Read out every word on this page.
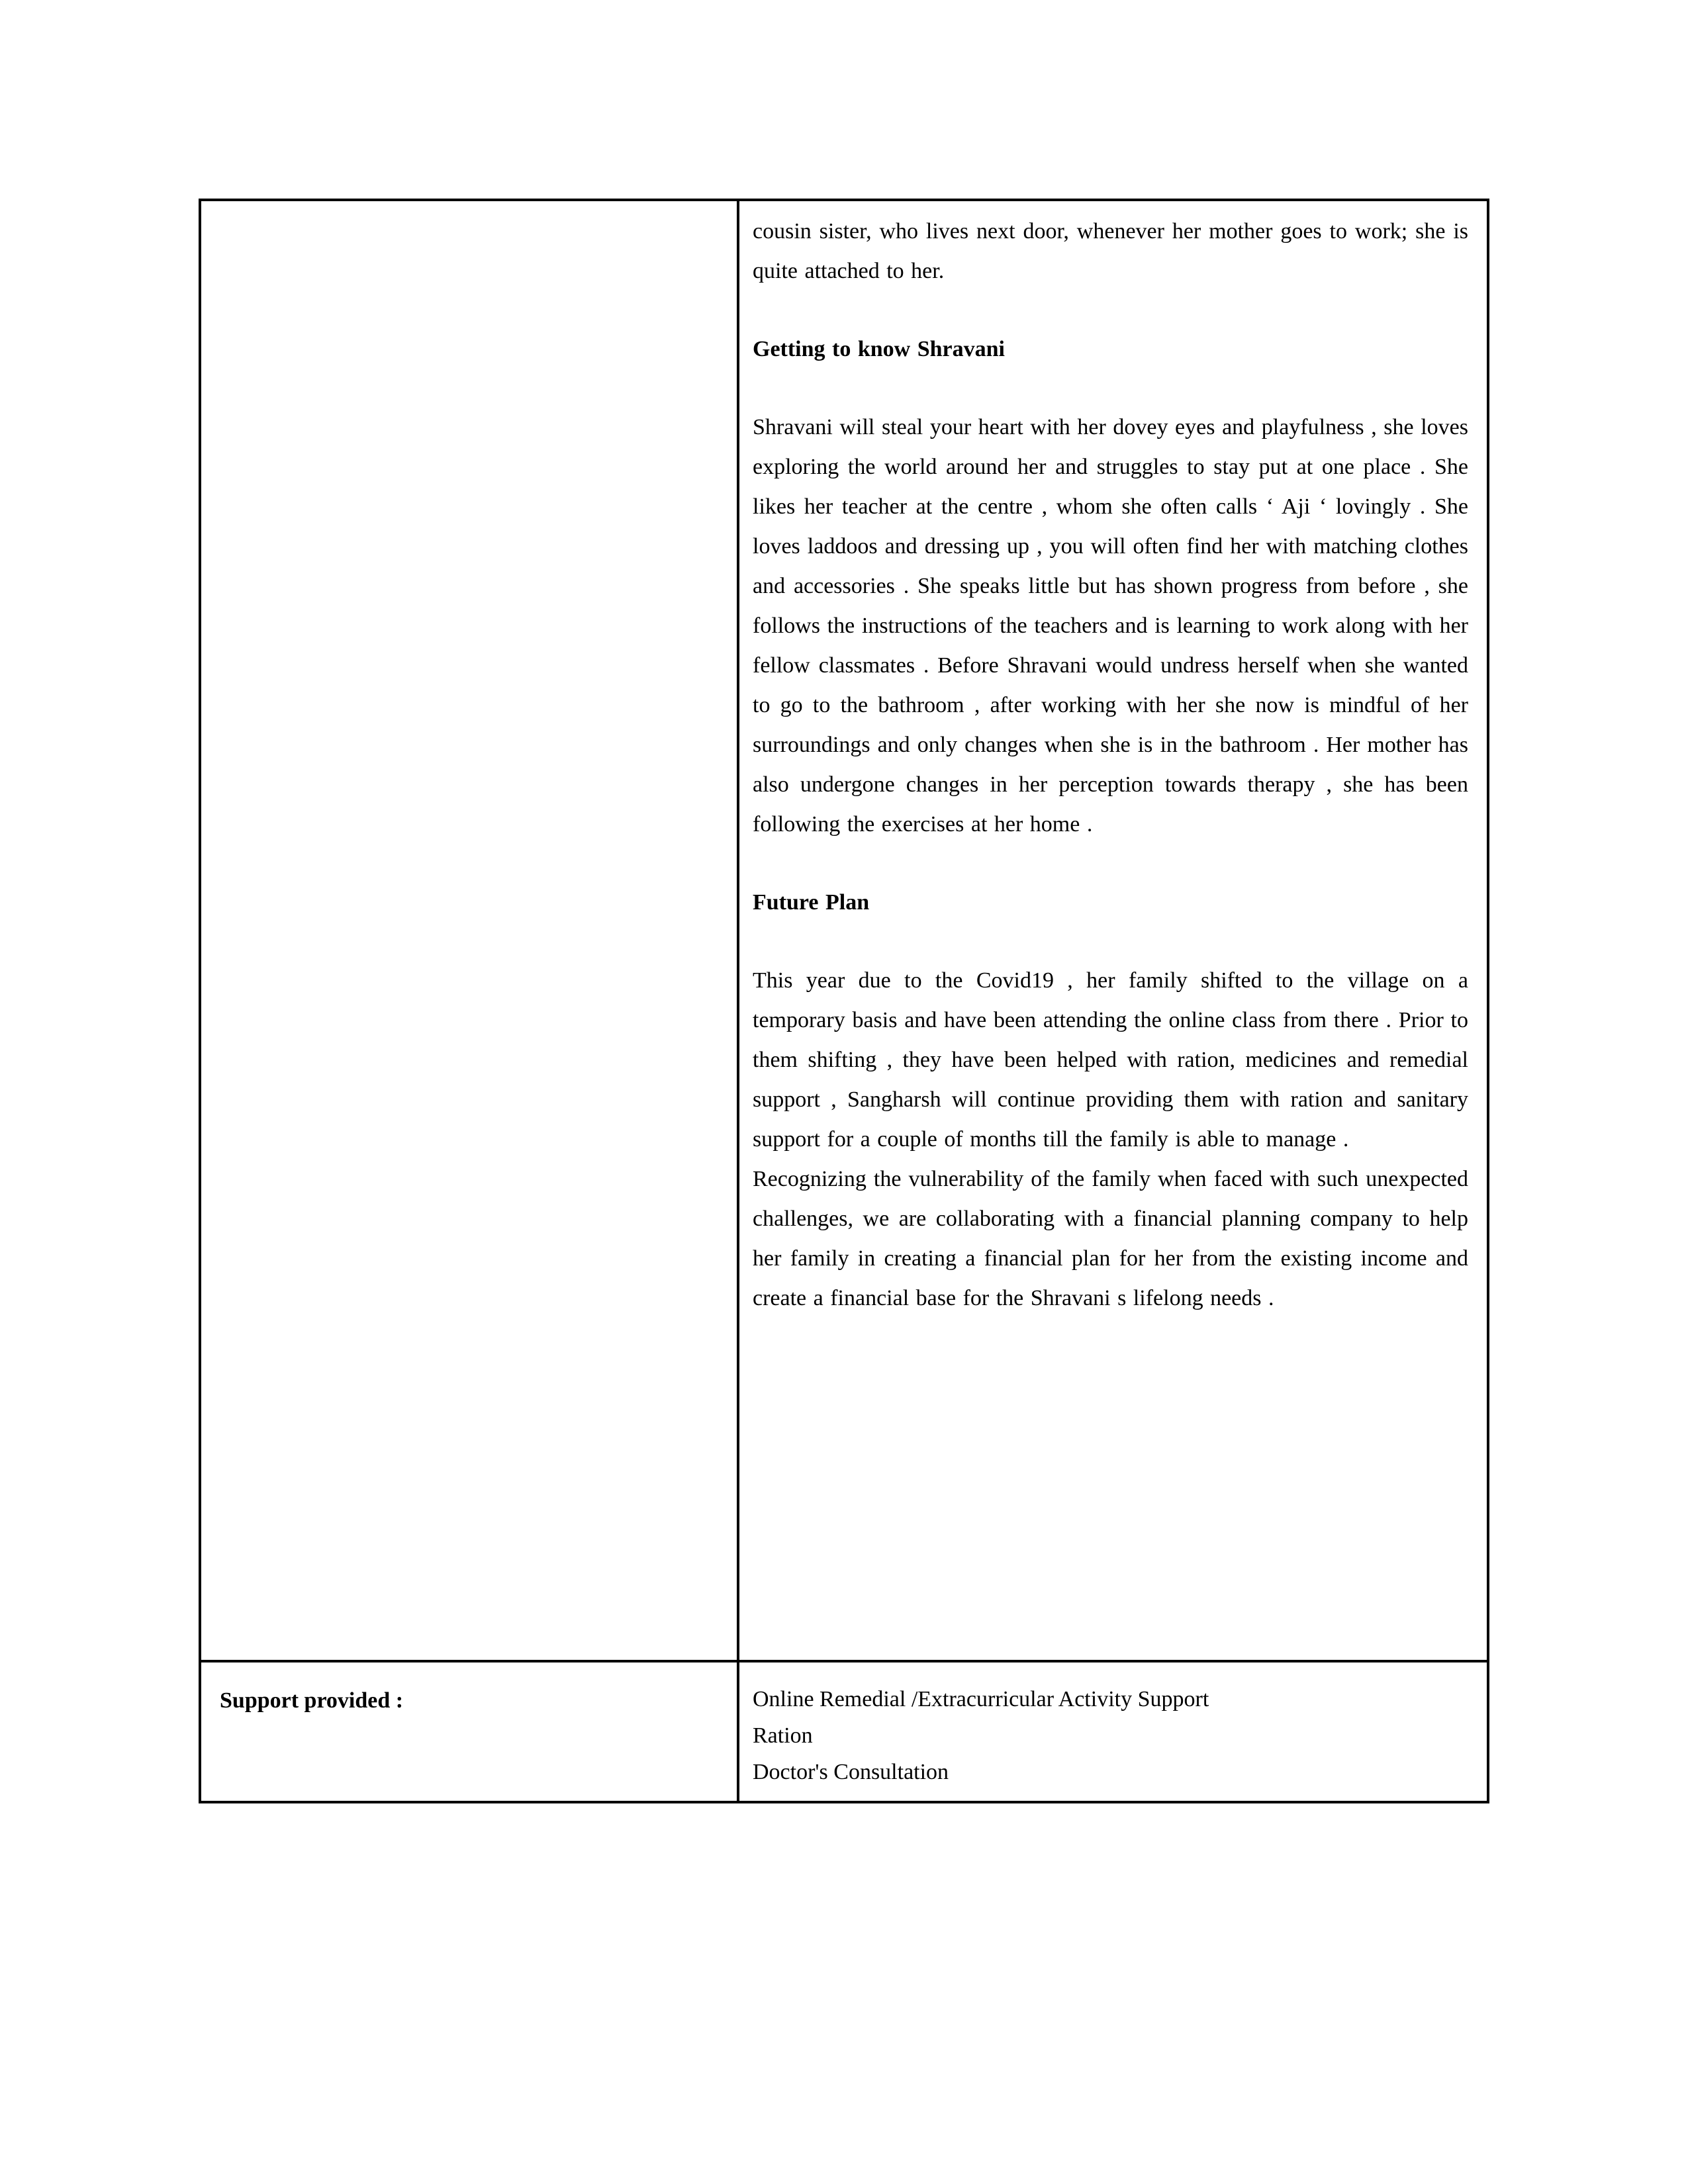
cousin sister, who lives next door, whenever her mother goes to work; she is quite attached to her.

Getting to know Shravani

Shravani will steal your heart with her dovey eyes and playfulness , she loves exploring the world around her and struggles to stay put at one place . She likes her teacher at the centre , whom she often calls ‘ Aji ‘ lovingly . She loves laddoos and dressing up , you will often find her with matching clothes and accessories . She speaks little but has shown progress from before , she follows the instructions of the teachers and is learning to work along with her fellow classmates . Before Shravani would undress herself when she wanted to go to the bathroom , after working with her she now is mindful of her surroundings and only changes when she is in the bathroom . Her mother has also undergone changes in her perception towards therapy , she has been following the exercises at her home .

Future Plan

This year due to the Covid19 , her family shifted to the village on a temporary basis and have been attending the online class from there . Prior to them shifting , they have been helped with ration, medicines and remedial support , Sangharsh will continue providing them with ration and sanitary support for a couple of months till the family is able to manage .

Recognizing the vulnerability of the family when faced with such unexpected challenges, we are collaborating with a financial planning company to help her family in creating a financial plan for her from the existing income and create a financial base for the Shravani s lifelong needs .

Support provided :	Online Remedial /Extracurricular Activity Support
Ration
Doctor's Consultation
